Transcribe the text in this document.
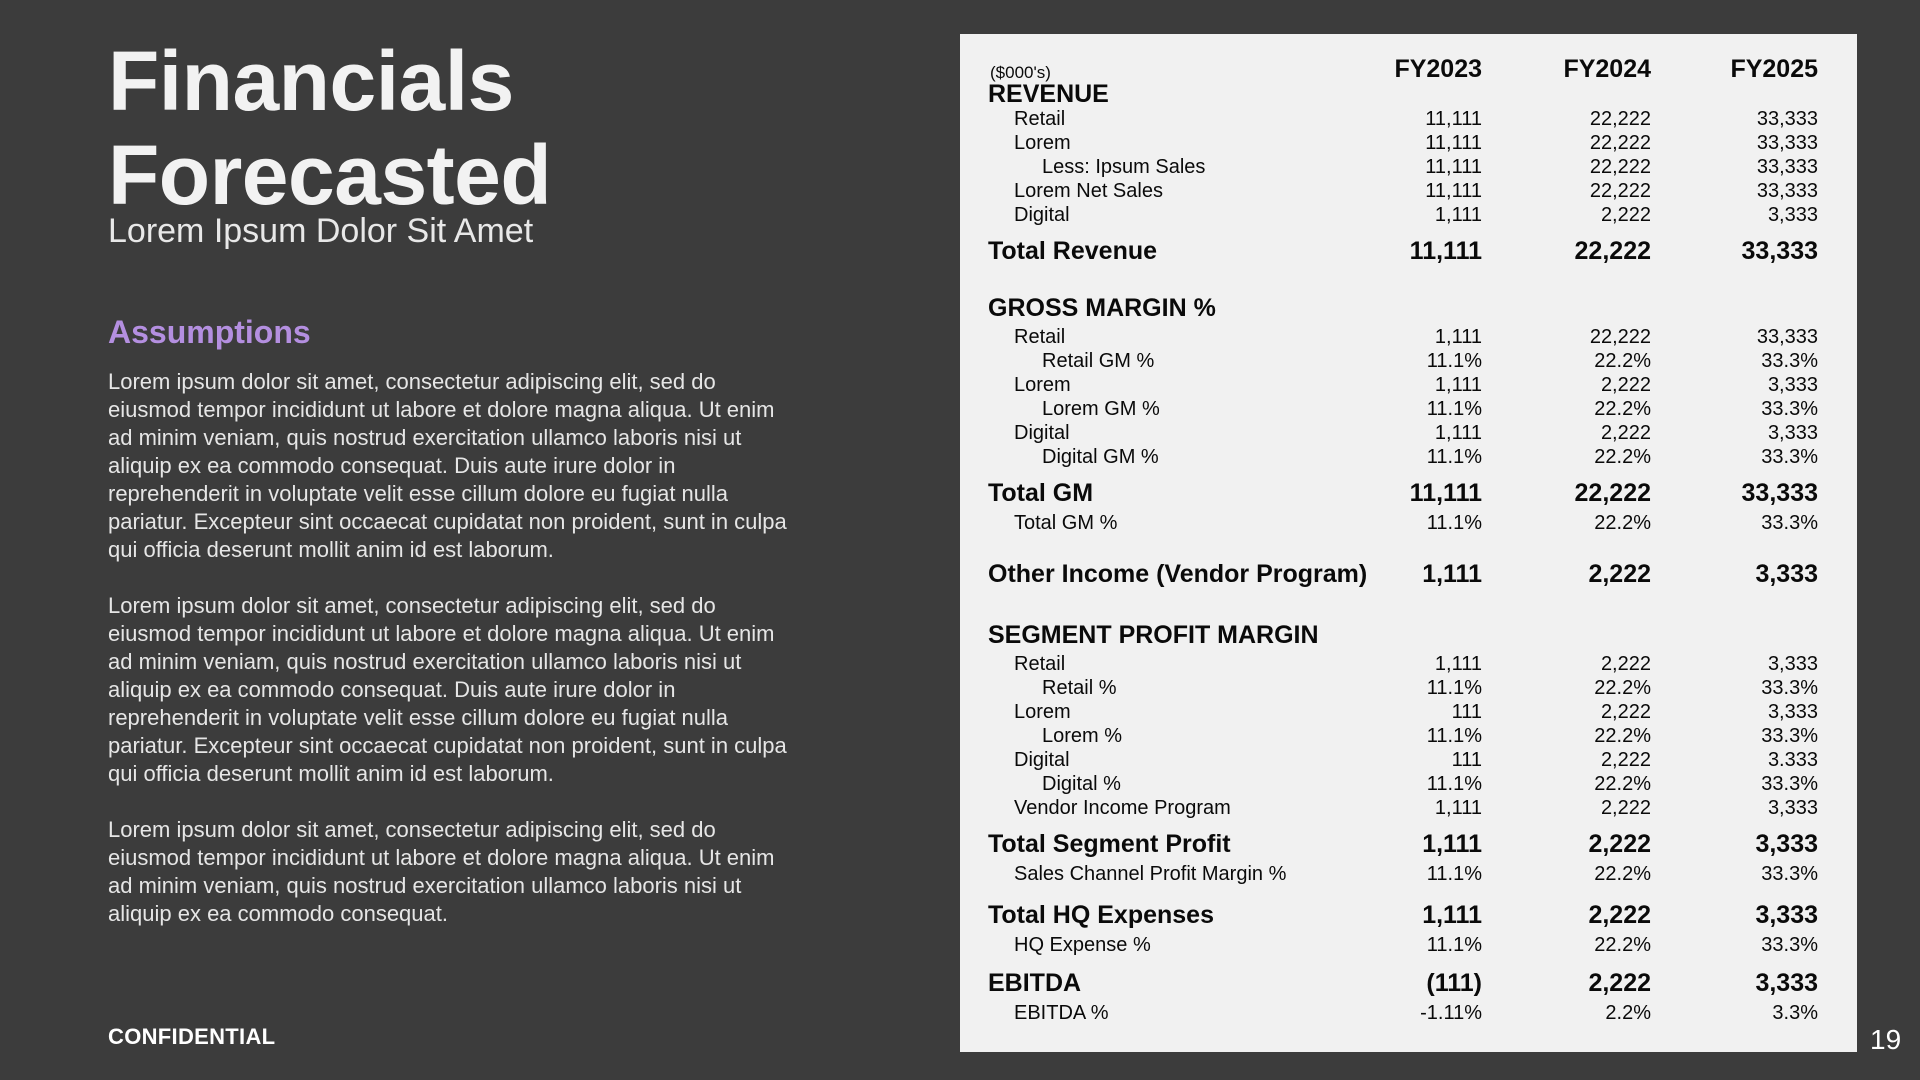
Financials
Forecasted
Lorem Ipsum Dolor Sit Amet
Assumptions

Lorem ipsum dolor sit amet, consectetur adipiscing elit, sed do eiusmod tempor incididunt ut labore et dolore magna aliqua. Ut enim ad minim veniam, quis nostrud exercitation ullamco laboris nisi ut aliquip ex ea commodo consequat. Duis aute irure dolor in reprehenderit in voluptate velit esse cillum dolore eu fugiat nulla pariatur. Excepteur sint occaecat cupidatat non proident, sunt in culpa qui officia deserunt mollit anim id est laborum.

Lorem ipsum dolor sit amet, consectetur adipiscing elit, sed do eiusmod tempor incididunt ut labore et dolore magna aliqua. Ut enim ad minim veniam, quis nostrud exercitation ullamco laboris nisi ut aliquip ex ea commodo consequat. Duis aute irure dolor in reprehenderit in voluptate velit esse cillum dolore eu fugiat nulla pariatur. Excepteur sint occaecat cupidatat non proident, sunt in culpa qui officia deserunt mollit anim id est laborum.

Lorem ipsum dolor sit amet, consectetur adipiscing elit, sed do eiusmod tempor incididunt ut labore et dolore magna aliqua. Ut enim ad minim veniam, quis nostrud exercitation ullamco laboris nisi ut aliquip ex ea commodo consequat.

CONFIDENTIAL	19
($000's)	FY2023	FY2024	FY2025
REVENUE
Retail	11,111	22,222	33,333
Lorem	11,111	22,222	33,333
Less: Ipsum Sales	11,111	22,222	33,333
Lorem Net Sales	11,111	22,222	33,333
Digital	1,111	2,222	3,333
Total Revenue	11,111	22,222	33,333
GROSS MARGIN %
Retail	1,111	22,222	33,333
Retail GM %	11.1%	22.2%	33.3%
Lorem	1,111	2,222	3,333
Lorem GM %	11.1%	22.2%	33.3%
Digital	1,111	2,222	3,333
Digital GM %	11.1%	22.2%	33.3%
Total GM	11,111	22,222	33,333
Total GM %	11.1%	22.2%	33.3%
Other Income (Vendor Program)	1,111	2,222	3,333
SEGMENT PROFIT MARGIN
Retail	1,111	2,222	3,333
Retail %	11.1%	22.2%	33.3%
Lorem	111	2,222	3,333
Lorem %	11.1%	22.2%	33.3%
Digital	111	2,222	3.333
Digital %	11.1%	22.2%	33.3%
Vendor Income Program	1,111	2,222	3,333
Total Segment Profit	1,111	2,222	3,333
Sales Channel Profit Margin %	11.1%	22.2%	33.3%
Total HQ Expenses	1,111	2,222	3,333
HQ Expense %	11.1%	22.2%	33.3%
EBITDA	(111)	2,222	3,333
EBITDA %	-1.11%	2.2%	3.3%
